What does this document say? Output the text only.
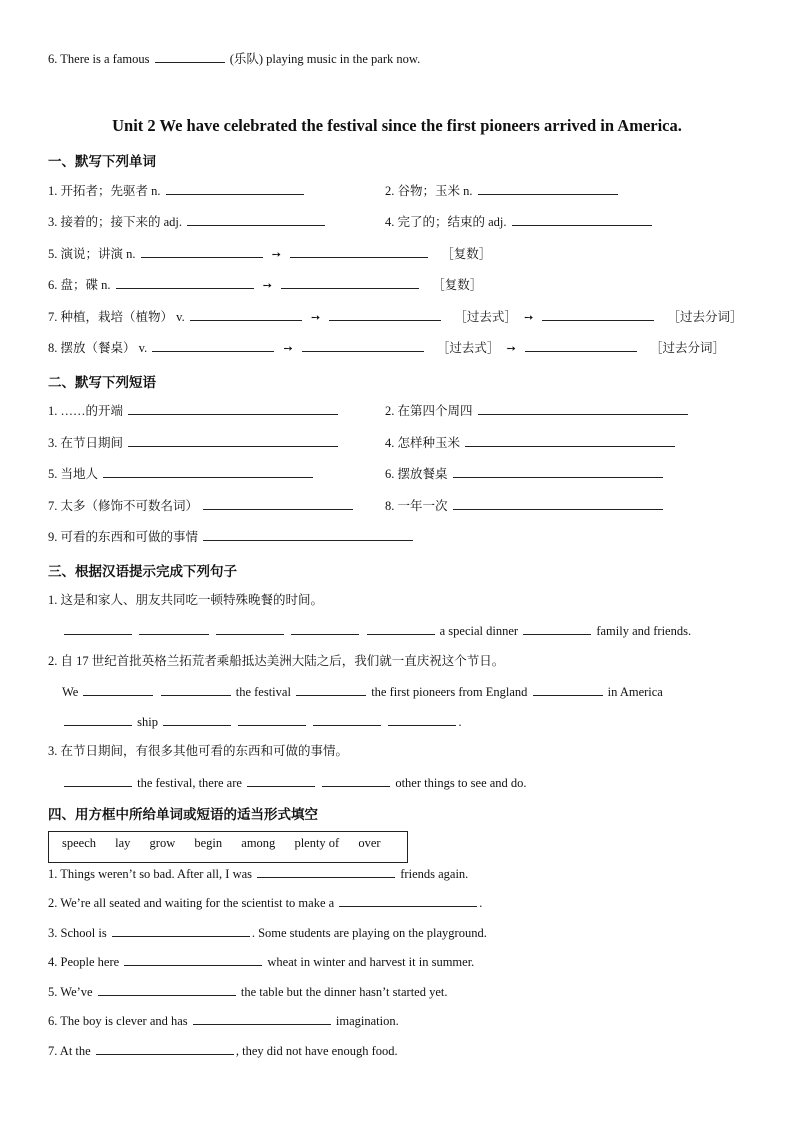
6. There is a famous	(乐队) playing music in the park now.
Unit 2 We have celebrated the festival since the first pioneers arrived in America.
一、默写下列单词
1. 开拓者；先驱者 n.	2. 谷物；玉米 n.
3. 接着的；接下来的 adj.	4. 完了的；结束的 adj.
5. 演说；讲演 n.	➙	［复数］
6. 盘；碟 n.	➙	［复数］
7. 种植，栽培（植物） v.	➙	［过去式］ ➙	［过去分词］
8. 摆放（餐桌） v.	➙	［过去式］ ➙	［过去分词］
二、默写下列短语
1. ……的开端	2. 在第四个周四
3. 在节日期间	4. 怎样种玉米
5. 当地人	6. 摆放餐桌
7. 太多（修饰不可数名词）	8. 一年一次
9. 可看的东西和可做的事情
三、根据汉语提示完成下列句子
1. 这是和家人、朋友共同吃一顿特殊晚餐的时间。
a special dinner	family and friends.
2. 自 17 世纪首批英格兰拓荒者乘船抵达美洲大陆之后，我们就一直庆祝这个节日。
We	the festival	the first pioneers from England	in America
ship	.
3. 在节日期间，有很多其他可看的东西和可做的事情。
the festival, there are	other things to see and do.
四、用方框中所给单词或短语的适当形式填空
speech lay grow begin among plenty of over
1. Things weren’t so bad. After all, I was	friends again.
2. We’re all seated and waiting for the scientist to make a	.
3. School is	. Some students are playing on the playground.
4. People here	wheat in winter and harvest it in summer.
5. We’ve	the table but the dinner hasn’t started yet.
6. The boy is clever and has	imagination.
7. At the	, they did not have enough food.
